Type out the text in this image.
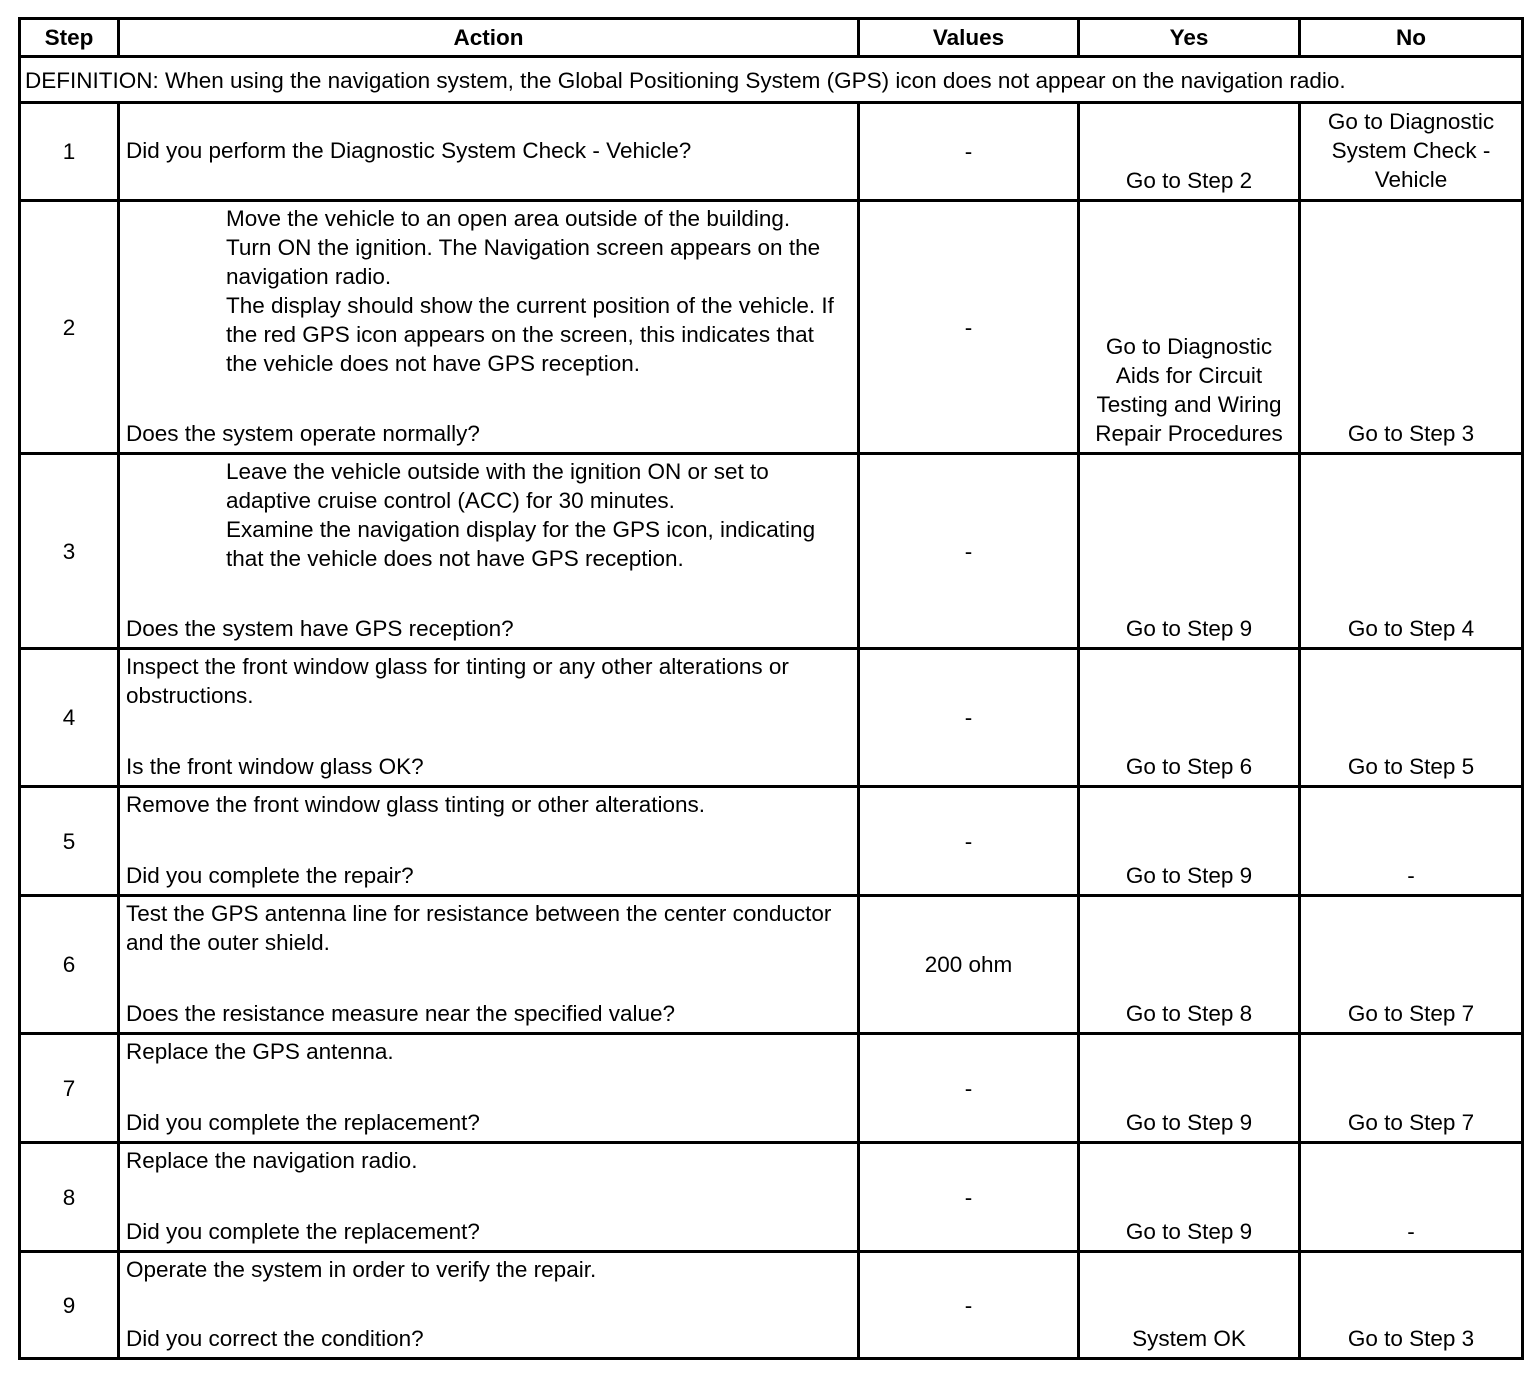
Step	Action	Values	Yes	No
DEFINITION: When using the navigation system, the Global Positioning System (GPS) icon does not appear on the navigation radio.				
1	Did you perform the Diagnostic System Check - Vehicle?	-	Go to Step 2	Go to Diagnostic System Check - Vehicle
2	Move the vehicle to an open area outside of the building.
Turn ON the ignition. The Navigation screen appears on the navigation radio.
The display should show the current position of the vehicle. If the red GPS icon appears on the screen, this indicates that the vehicle does not have GPS reception.
Does the system operate normally?	-	Go to Diagnostic Aids for Circuit Testing and Wiring Repair Procedures	Go to Step 3
3	Leave the vehicle outside with the ignition ON or set to adaptive cruise control (ACC) for 30 minutes.
Examine the navigation display for the GPS icon, indicating that the vehicle does not have GPS reception.
Does the system have GPS reception?	-	Go to Step 9	Go to Step 4
4	Inspect the front window glass for tinting or any other alterations or obstructions.
Is the front window glass OK?	-	Go to Step 6	Go to Step 5
5	Remove the front window glass tinting or other alterations.
Did you complete the repair?	-	Go to Step 9	-
6	Test the GPS antenna line for resistance between the center conductor and the outer shield.
Does the resistance measure near the specified value?	200 ohm	Go to Step 8	Go to Step 7
7	Replace the GPS antenna.
Did you complete the replacement?	-	Go to Step 9	Go to Step 7
8	Replace the navigation radio.
Did you complete the replacement?	-	Go to Step 9	-
9	Operate the system in order to verify the repair.
Did you correct the condition?	-	System OK	Go to Step 3
